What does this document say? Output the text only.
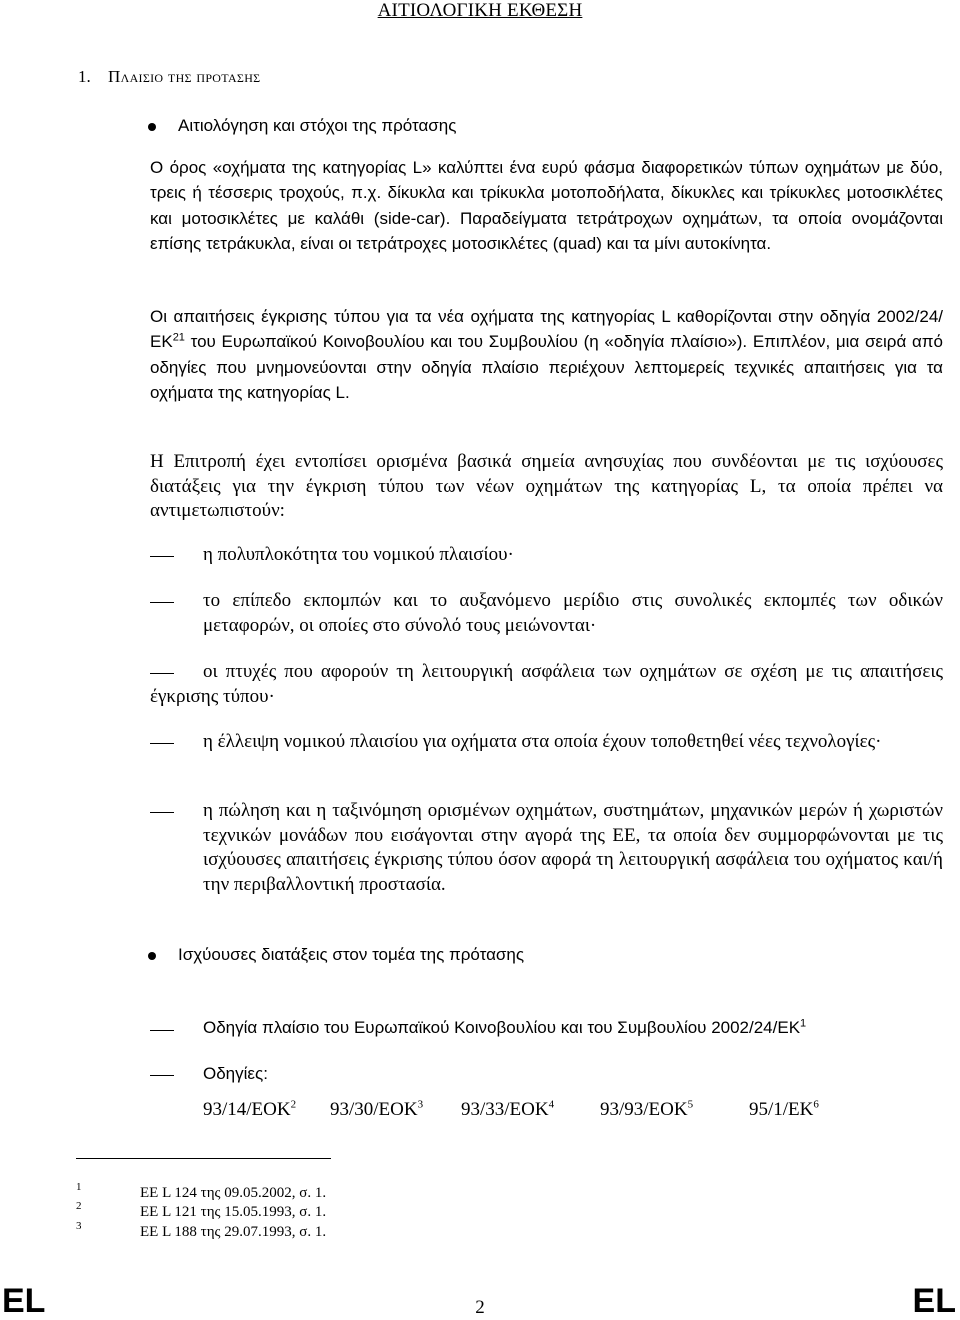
ΑΙΤΙΟΛΟΓΙΚΗ ΕΚΘΕΣΗ
1. Πλαισιο της προτασης
Αιτιολόγηση και στόχοι της πρότασης
Ο όρος «οχήματα της κατηγορίας L» καλύπτει ένα ευρύ φάσμα διαφορετικών τύπων οχημάτων με δύο, τρεις ή τέσσερις τροχούς, π.χ. δίκυκλα και τρίκυκλα μοτοποδήλατα, δίκυκλες και τρίκυκλες μοτοσικλέτες και μοτοσικλέτες με καλάθι (side-car). Παραδείγματα τετράτροχων οχημάτων, τα οποία ονομάζονται επίσης τετράκυκλα, είναι οι τετράτροχες μοτοσικλέτες (quad) και τα μίνι αυτοκίνητα.
Οι απαιτήσεις έγκρισης τύπου για τα νέα οχήματα της κατηγορίας L καθορίζονται στην οδηγία 2002/24/ΕΚ$^{21}$ του Ευρωπαϊκού Κοινοβουλίου και του Συμβουλίου (η «οδηγία πλαίσιο»). Επιπλέον, μια σειρά από οδηγίες που μνημονεύονται στην οδηγία πλαίσιο περιέχουν λεπτομερείς τεχνικές απαιτήσεις για τα οχήματα της κατηγορίας L.
Η Επιτροπή έχει εντοπίσει ορισμένα βασικά σημεία ανησυχίας που συνδέονται με τις ισχύουσες διατάξεις για την έγκριση τύπου των νέων οχημάτων της κατηγορίας L, τα οποία πρέπει να αντιμετωπιστούν:
η πολυπλοκότητα του νομικού πλαισίου·
το επίπεδο εκπομπών και το αυξανόμενο μερίδιο στις συνολικές εκπομπές των οδικών μεταφορών, οι οποίες στο σύνολό τους μειώνονται·
οι πτυχές που αφορούν τη λειτουργική ασφάλεια των οχημάτων σε σχέση με τις απαιτήσεις έγκρισης τύπου·
η έλλειψη νομικού πλαισίου για οχήματα στα οποία έχουν τοποθετηθεί νέες τεχνολογίες·
η πώληση και η ταξινόμηση ορισμένων οχημάτων, συστημάτων, μηχανικών μερών ή χωριστών τεχνικών μονάδων που εισάγονται στην αγορά της ΕΕ, τα οποία δεν συμμορφώνονται με τις ισχύουσες απαιτήσεις έγκρισης τύπου όσον αφορά τη λειτουργική ασφάλεια του οχήματος και/ή την περιβαλλοντική προστασία.
Ισχύουσες διατάξεις στον τομέα της πρότασης
Οδηγία πλαίσιο του Ευρωπαϊκού Κοινοβουλίου και του Συμβουλίου $2002/24/EK^1$
Οδηγίες:
93/14/ΕΟΚ$^2$ 93/30/ΕΟΚ$^3$ 93/33/ΕΟΚ$^4$ 93/93/ΕΟΚ$^5$	$95/1/EK^6$
1	ΕΕ L 124 της 09.05.2002, σ. 1.
2	ΕΕ L 121 της 15.05.1993, σ. 1.
3	ΕΕ L 188 της 29.07.1993, σ. 1.
EL	2	EL
